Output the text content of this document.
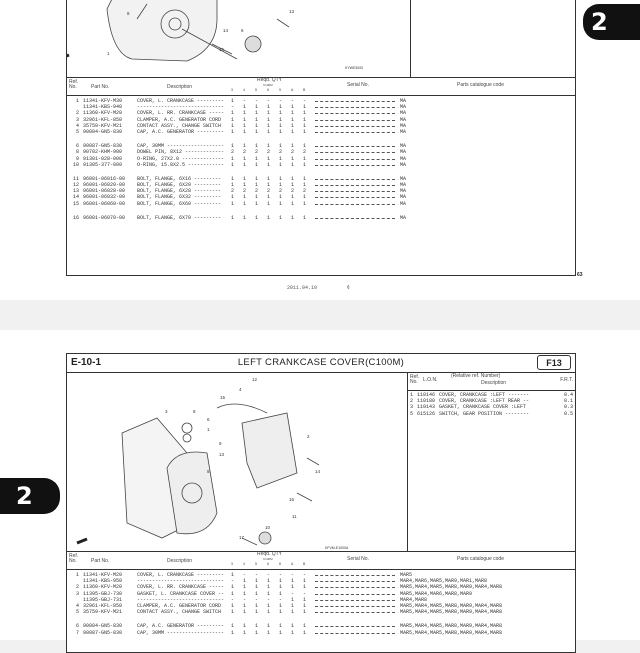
8	13
14	6
1
15
KYWE3000
Ref. No.	Part No.	Description
Reqd. QTY
C100M	Serial No.	Parts catalogue code
3	4	5	6	9	A	B
1 11341-KFV-M30	COVER, L. CRANKCASE --------- 1 - - - - - -	MA
11341-KBS-940	----------------------------- - 1 1 1 1 1 1	MA
2 11360-KFV-M20	COVER, L. RR. CRANKCASE ----- 1 1 1 1 1 1 1	MA
3 32961-KFL-850	CLAMPER, A.C. GENERATOR CORD 1 1 1 1 1 1 1	MA
4 35759-KFV-M21	CONTACT ASSY., CHANGE SWITCH 1 1 1 1 1 1 1	MA
5 90084-GN5-830	CAP, A.C. GENERATOR --------- 1 1 1 1 1 1 1	MA
6 90087-GN5-830	CAP, 30MM ------------------- 1 1 1 1 1 1 1	MA
8 90702-KHM-900	DOWEL PIN, 8X12 ------------- 2 2 2 2 2 2 2	MA
9 91301-028-000	O-RING, 27X2.0 -------------- 1 1 1 1 1 1 1	MA
10 91305-377-000	O-RING, 15.8X2.5 ------------ 1 1 1 1 1 1 1	MA
11 96001-06016-00 BOLT, FLANGE, 6X16 --------- 1 1 1 1 1 1 1	MA
12 96001-06020-00 BOLT, FLANGE, 6X20 --------- 1 1 1 1 1 1 1	MA
13 96001-06028-00 BOLT, FLANGE, 6X28 --------- 2 2 2 2 2 2 2	MA
14 96001-06032-00 BOLT, FLANGE, 6X32 --------- 1 1 1 1 1 1 1	MA
15 96001-06060-00 BOLT, FLANGE, 6X60 --------- 1 1 1 1 1 1 1	MA
16 96001-06070-00 BOLT, FLANGE, 6X70 --------- 1 1 1 1 1 1 1	MA
63
2011.04.10	¢
2
E-10-1	LEFT CRANKCASE COVER(C100M)	F13
12
4
15
8
3
6
1
2
9
13
14
16
17
10
11
5
KFVM-E1000A
Ref. No.	L.O.N.
(Relative ref. Number)
Description	F.R.T.
1 110146 COVER, CRANKCASE :LEFT -------	0.4
2 110180 COVER, CRANKCASE :LEFT REAR --	0.1
3 110143 GASKET, CRANKCASE COVER :LEFT	0.3
5 615126 SWITCH, GEAR POSITION --------	0.5
Ref. No.	Part No.	Description
Reqd. QTY
C100M	Serial No.	Parts catalogue code
3	4	5	6	8	A	B
1 11341-KFV-M20	COVER, L. CRANKCASE --------- 1 - - - - - -	MAR5
11341-KBS-950	----------------------------- - 1 1 1 1 1 1	MAR4,MAR6,MAR5,MAR9,MAR1,MAR8
2 11360-KFV-M20	COVER, L. RR. CRANKCASE ----- 1 1 1 1 1 1 1	MAR5,MAR4,MAR5,MAR8,MAR9,MAR4,MAR8
3 11395-GBJ-730	GASKET, L. CRANKCASE COVER -- 1 1 1 1 1 - -	MAR5,MAR4,MAR6,MAR8,MAR9
11395-GBJ-731	----------------------------- - - - - - 1 1	MAR4,MAR8
4 32961-KFL-850	CLAMPER, A.C. GENERATOR CORD 1 1 1 1 1 1 1	MAR5,MAR4,MAR5,MAR8,MAR9,MAR4,MAR8
5 35759-KFV-M21	CONTACT ASSY., CHANGE SWITCH 1 1 1 1 1 1 1	MAR5,MAR4,MAR5,MAR8,MAR9,MAR4,MAR8
6 90084-GN5-830	CAP, A.C. GENERATOR --------- 1 1 1 1 1 1 1	MAR5,MAR4,MAR5,MAR8,MAR9,MAR4,MAR8
7 90087-GN5-830	CAP, 30MM ------------------- 1 1 1 1 1 1 1	MAR5,MAR4,MAR5,MAR8,MAR9,MAR4,MAR8
2
